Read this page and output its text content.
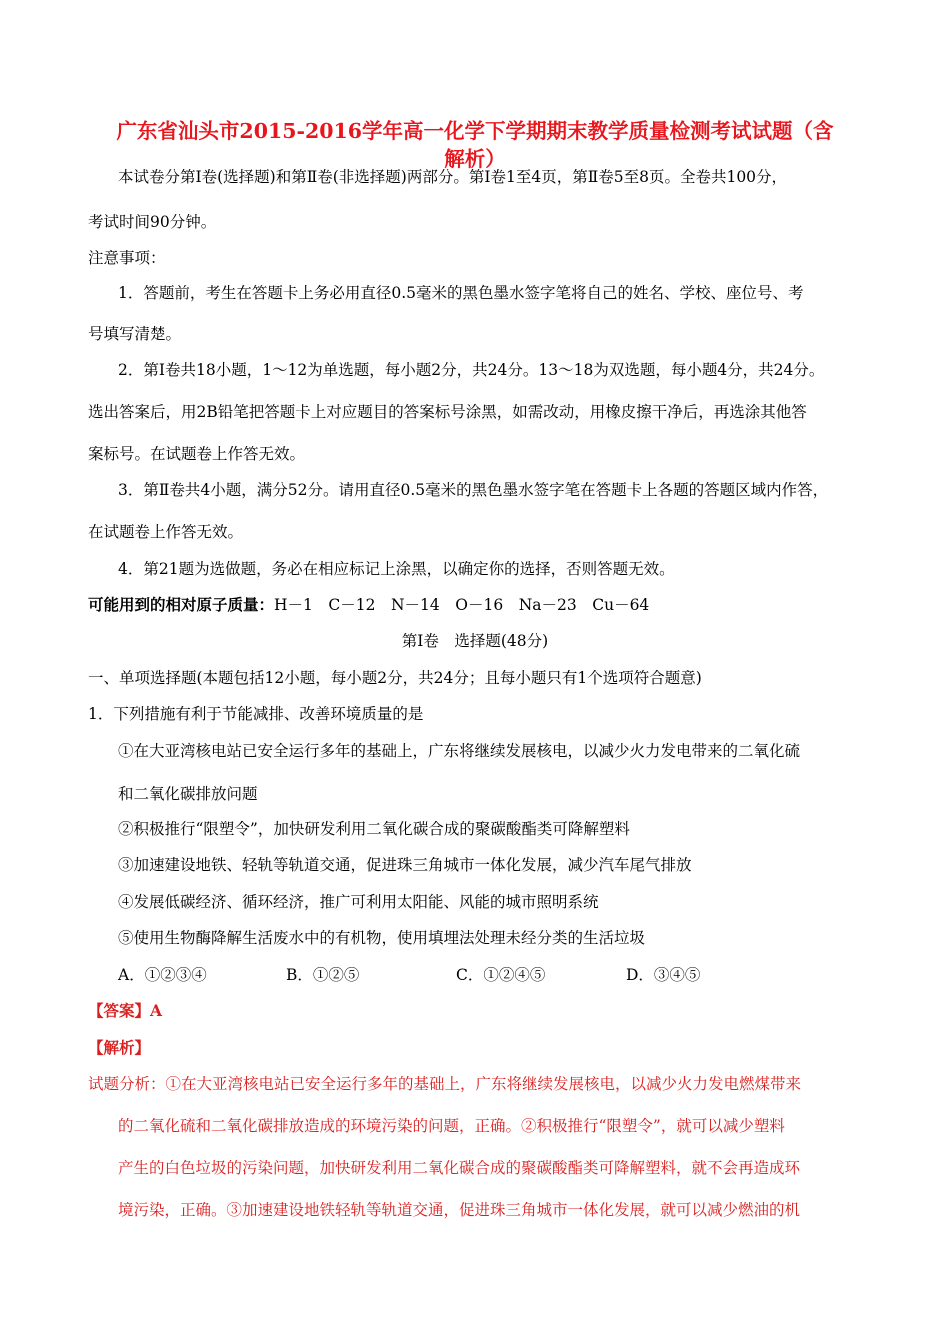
广东省汕头市2015-2016学年高一化学下学期期末教学质量检测考试试题（含
解析）
本试卷分第Ⅰ卷(选择题)和第Ⅱ卷(非选择题)两部分。第Ⅰ卷1至4页，第Ⅱ卷5至8页。全卷共100分，
考试时间90分钟。
注意事项：
1．答题前，考生在答题卡上务必用直径0.5毫米的黑色墨水签字笔将自己的姓名、学校、座位号、考
号填写清楚。
2．第Ⅰ卷共18小题，1～12为单选题，每小题2分，共24分。13～18为双选题，每小题4分，共24分。
选出答案后，用2B铅笔把答题卡上对应题目的答案标号涂黑，如需改动，用橡皮擦干净后，再选涂其他答
案标号。在试题卷上作答无效。
3．第Ⅱ卷共4小题，满分52分。请用直径0.5毫米的黑色墨水签字笔在答题卡上各题的答题区域内作答，
在试题卷上作答无效。
4．第21题为选做题，务必在相应标记上涂黑，以确定你的选择，否则答题无效。
可能用到的相对原子质量：H－1　C－12　N－14　O－16　Na－23　Cu－64
第Ⅰ卷　选择题(48分)
一、单项选择题(本题包括12小题，每小题2分，共24分；且每小题只有1个选项符合题意)
1．下列措施有利于节能减排、改善环境质量的是
①在大亚湾核电站已安全运行多年的基础上，广东将继续发展核电，以减少火力发电带来的二氧化硫
和二氧化碳排放问题
②积极推行“限塑令”，加快研发利用二氧化碳合成的聚碳酸酯类可降解塑料
③加速建设地铁、轻轨等轨道交通，促进珠三角城市一体化发展，减少汽车尾气排放
④发展低碳经济、循环经济，推广可利用太阳能、风能的城市照明系统
⑤使用生物酶降解生活废水中的有机物，使用填埋法处理未经分类的生活垃圾
A．①②③④	B．①②⑤	C．①②④⑤	D．③④⑤
【答案】A
【解析】
试题分析：①在大亚湾核电站已安全运行多年的基础上，广东将继续发展核电，以减少火力发电燃煤带来
的二氧化硫和二氧化碳排放造成的环境污染的问题，正确。②积极推行“限塑令”，就可以减少塑料
产生的白色垃圾的污染问题，加快研发利用二氧化碳合成的聚碳酸酯类可降解塑料，就不会再造成环
境污染，正确。③加速建设地铁轻轨等轨道交通，促进珠三角城市一体化发展，就可以减少燃油的机
